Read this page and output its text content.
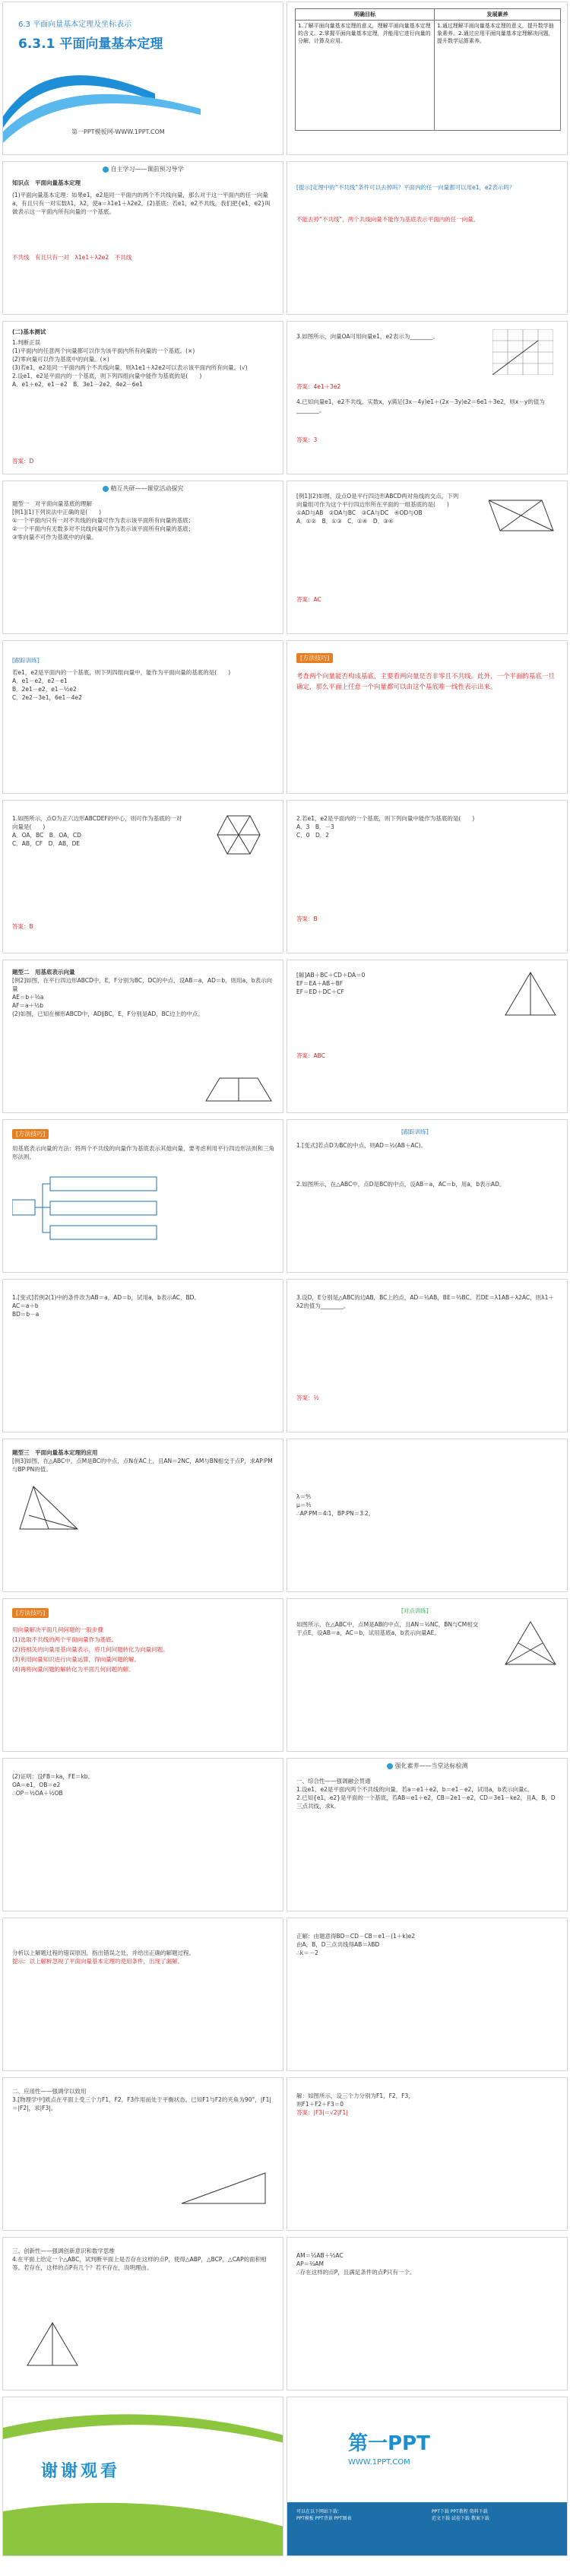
6.3 平面向量基本定理及坐标表示
6.3.1 平面向量基本定理
第一PPT模板网-WWW.1PPT.COM
明确目标	发展素养
1.了解平面向量基本定理的意义，理解平面向量基本定理的含义。2.掌握平面向量基本定理，并能用它进行向量的分解、计算及应用。	1.通过理解平面向量基本定理的意义，提升数学抽象素养。2.通过应用平面向量基本定理解决问题，提升数学运算素养。
自主学习——课前预习导学
知识点　平面向量基本定理
(1)平面向量基本定理：如果e1，e2是同一平面内的两个不共线向量，那么对于这一平面内的任一向量a，有且只有一对实数λ1，λ2，使a＝λ1e1＋λ2e2。(2)基底：若e1，e2不共线，我们把{e1，e2}叫做表示这一平面内所有向量的一个基底。
不共线　 有且只有一对　 λ1e1＋λ2e2　 不共线
[提示]定理中的“不共线”条件可以去掉吗？平面内的任一向量都可以用e1，e2表示吗？
不能去掉“不共线”，两个共线向量不能作为基底表示平面内的任一向量。
(二)基本测试
1.判断正误
(1)平面内的任意两个向量都可以作为该平面内所有向量的一个基底。(×)
(2)零向量可以作为基底中的向量。(×)
(3)若e1，e2是同一平面内两个不共线向量，则λ1e1＋λ2e2可以表示该平面内所有向量。(√)
2.设e1，e2是平面内的一个基底，则下列四组向量中能作为基底的是(　　)
A．e1＋e2，e1－e2　B．3e1－2e2，4e2－6e1
答案：D
3.如图所示，向量OA可用向量e1，e2表示为________。
答案：4e1＋3e2
4.已知向量e1，e2不共线，实数x，y满足(3x－4y)e1＋(2x－3y)e2＝6e1＋3e2，则x－y的值为________。
答案：3
精互共研——课堂活动探究
题型一　对平面向量基底的理解
[例1](1)下列说法中正确的是(　　)
①一个平面内只有一对不共线的向量可作为表示该平面所有向量的基底；
②一个平面内有无数多对不共线向量可作为表示该平面所有向量的基底；
③零向量不可作为基底中的向量。
[例1](2)如图，设点O是平行四边形ABCD两对角线的交点，下列向量组可作为这个平行四边形所在平面的一组基底的是(　　)
①AD与AB　②DA与BC　③CA与DC　④OD与OB
A．①②　B．①③　C．①④　D．③④
答案：AC
[跟踪训练]
若e1，e2是平面内的一个基底，则下列四组向量中，能作为平面向量的基底的是(　　)
A．e1－e2，e2－e1
B．2e1－e2，e1－½e2
C．2e2－3e1，6e1－4e2
[方法技巧]
考查两个向量能否构成基底，主要看两向量是否非零且不共线。此外，一个平面的基底一旦确定，那么平面上任意一个向量都可以由这个基底唯一线性表示出来。
1.如图所示，点O为正六边形ABCDEF的中心，则可作为基底的一对向量是(　　)
A．OA，BC　B．OA，CD
C．AB，CF　D．AB，DE
答案：B
2.若e1，e2是平面内的一个基底，则下列向量中能作为基底的是(　　)
A．3　B．－3
C．0　D．2
答案：B
题型二　用基底表示向量
[例2]如图，在平行四边形ABCD中，E，F分别为BC，DC的中点，设AB＝a，AD＝b，则用a，b表示向量
AE＝b＋½a
AF＝a＋½b
(2)如图，已知在梯形ABCD中，AD∥BC，E，F分别是AD，BC边上的中点。
[解]AB＋BC＋CD＋DA＝0
EF＝EA＋AB＋BF
EF＝ED＋DC＋CF
答案：ABC
[方法技巧]
用基底表示向量的方法：将两个不共线的向量作为基底表示其他向量，要考虑利用平行四边形法则和三角形法则。
[跟踪训练]
1.[变式]若点D为BC的中点，则AD＝½(AB＋AC)。
2.如图所示，在△ABC中，点D是BC的中点，设AB＝a，AC＝b，用a，b表示AD。
1.[变式]若例2(1)中的条件改为AB＝a，AD＝b，试用a，b表示AC，BD。
AC＝a＋b
BD＝b－a
3.设D，E分别是△ABC的边AB，BC上的点，AD＝½AB，BE＝⅔BC。若DE＝λ1AB＋λ2AC，则λ1＋λ2的值为________。
答案：½
题型三　平面向量基本定理的应用
[例3]如图，在△ABC中，点M是BC的中点，点N在AC上，且AN＝2NC，AM与BN相交于点P，求AP∶PM与BP∶PN的值。
λ＝⅘
μ＝⅗
∴AP∶PM＝4∶1，BP∶PN＝3∶2。
[方法技巧]
用向量解决平面几何问题的一般步骤
(1)选取不共线的两个平面向量作为基底。
(2)将相关的向量用基向量表示，将几何问题转化为向量问题。
(3)利用向量知识进行向量运算，得向量问题的解。
(4)再将向量问题的解转化为平面几何问题的解。
[对点训练]
如图所示，在△ABC中，点M是AB的中点，且AN＝½NC，BN与CM相交于点E，设AB＝a，AC＝b，试用基底a，b表示向量AE。
(2)证明：设FB＝ka，FE＝kb。
OA＝e1，OB＝e2
∴OP＝½OA＋½OB
强化素养——当堂达标检测
一、综合性——强调融会贯通
1.设e1，e2是平面内两个不共线的向量，若a＝e1＋e2，b＝e1－e2，试用a，b表示向量c。
2.已知{e1，e2}是平面的一个基底，若AB＝e1＋e2，CB＝2e1－e2，CD＝3e1－ke2，且A，B，D三点共线，求k。
分析以上解题过程的错误原因，指出错误之处，并给出正确的解题过程。
提示：以上解析忽视了平面向量基本定理的使用条件，出现了漏解。
正解：由题意得BD＝CD－CB＝e1－(1＋k)e2
由A，B，D三点共线得AB＝λBD
∴k＝－2
二、应用性——强调学以致用
3.[物理学中]质点在平面上受三个力F1，F2，F3作用而处于平衡状态，已知F1与F2的夹角为90°，|F1|＝|F2|，求|F3|。
解：如图所示，设三个力分别为F1，F2，F3，
则F1＋F2＋F3＝0
答案：|F3|＝√2|F1|
三、创新性——强调创新意识和数学思维
4.在平面上给定一个△ABC，试判断平面上是否存在这样的点P，使得△ABP，△BCP，△CAP的面积相等。若存在，这样的点P有几个？若不存在，说明理由。
AM＝½AB＋½AC
AP＝⅔AM
∴存在这样的点P，且满足条件的点P只有一个。
谢谢观看
第一PPT
WWW.1PPT.COM
可以在以下网站下载：
PPT模板 PPT背景 PPT图表
PPT下载 PPT教程 资料下载
范文下载 试卷下载 教案下载
